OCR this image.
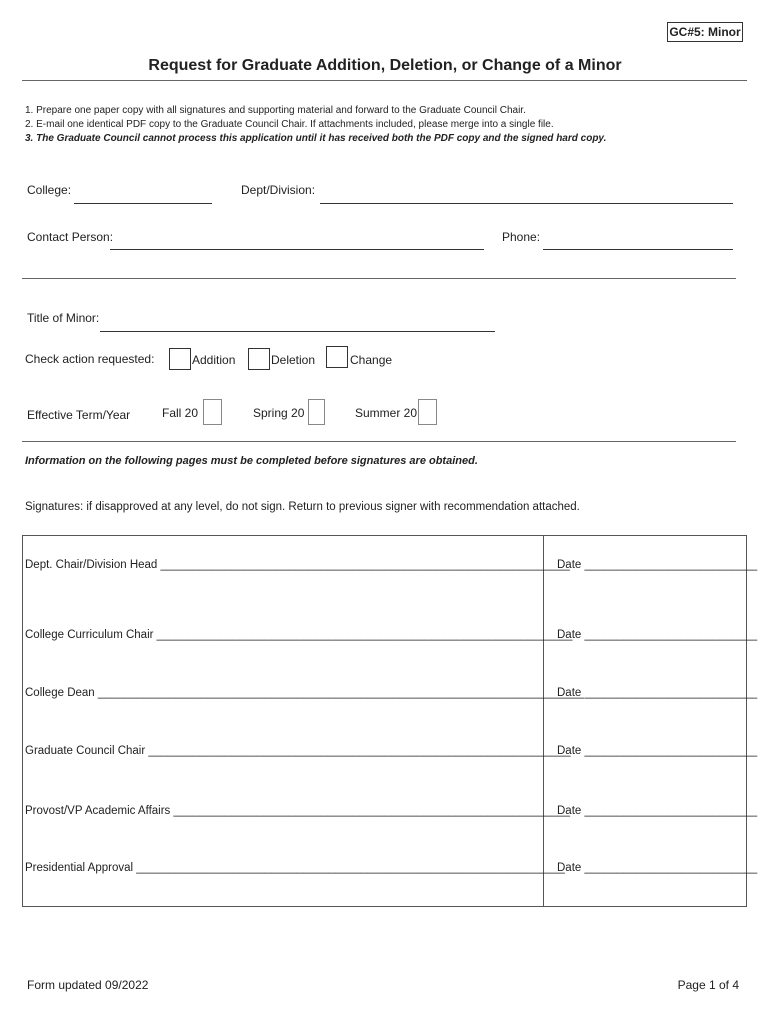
GC#5: Minor
Request for Graduate Addition, Deletion, or Change of a Minor
1. Prepare one paper copy with all signatures and supporting material and forward to the Graduate Council Chair.
2. E-mail one identical PDF copy to the Graduate Council Chair. If attachments included, please merge into a single file.
3. The Graduate Council cannot process this application until it has received both the PDF copy and the signed hard copy.
College:	Dept/Division:
Contact Person:	Phone:
Title of Minor:
Check action requested:	Addition	Deletion	Change
Effective Term/Year	Fall 20	Spring 20	Summer 20
Information on the following pages must be completed before signatures are obtained.
Signatures: if disapproved at any level, do not sign. Return to previous signer with recommendation attached.
Dept. Chair/Division Head ________________________________________________________________
Date ___________________________
College Curriculum Chair _________________________________________________________________
Date ___________________________
College Dean ____________________________________________________________________________
Date ___________________________
Graduate Council Chair __________________________________________________________________
Date ___________________________
Provost/VP Academic Affairs ______________________________________________________________
Date ___________________________
Presidential Approval ___________________________________________________________________
Date ___________________________
Form updated 09/2022	Page 1 of 4
